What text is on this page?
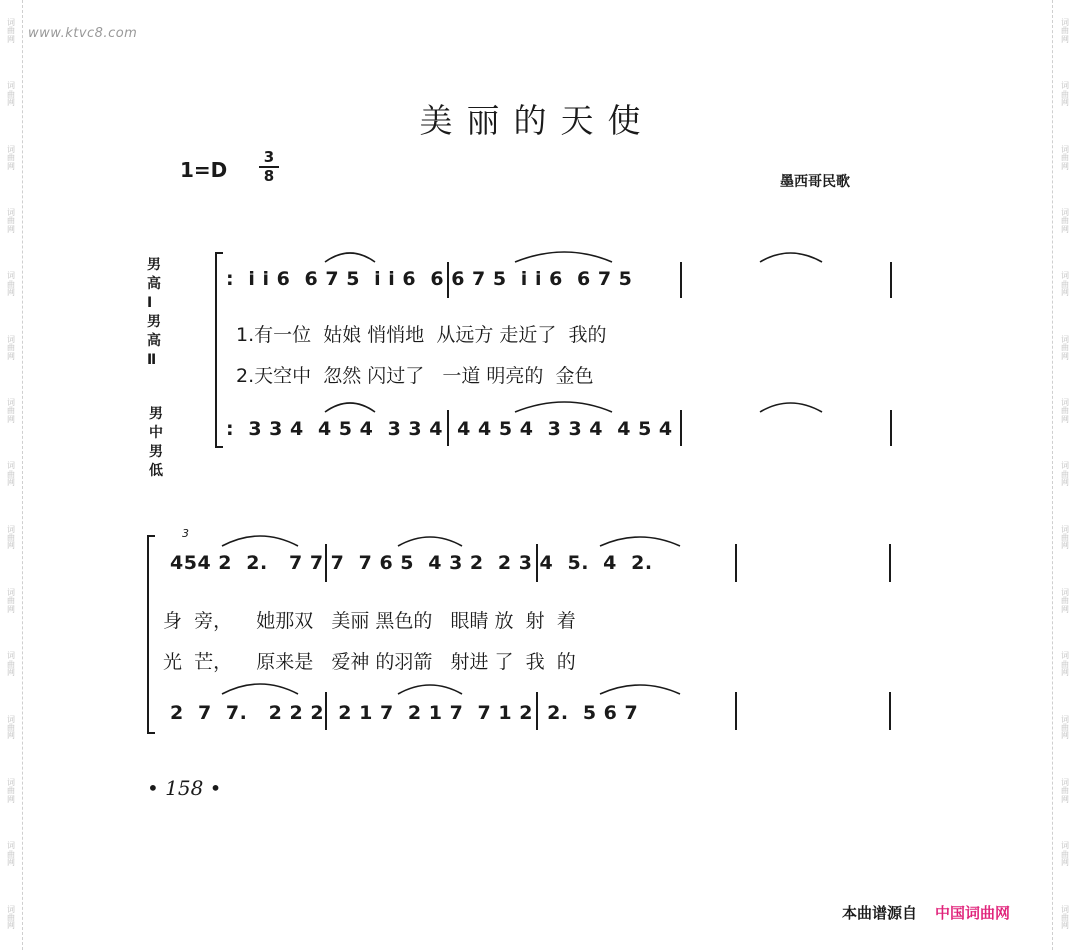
词
曲
网
词
曲
网
词
曲
网
词
曲
网
词
曲
网
词
曲
网
词
曲
网
词
曲
网
词
曲
网
词
曲
网
词
曲
网
词
曲
网
词
曲
网
词
曲
网
词
曲
网
词
曲
网
词
曲
网
词
曲
网
词
曲
网
词
曲
网
词
曲
网
词
曲
网
词
曲
网
词
曲
网
词
曲
网
词
曲
网
词
曲
网
词
曲
网
词
曲
网
词
曲
网
www.ktvc8.com
美丽的天使
1=D
3
8	墨西哥民歌
男高Ⅰ
男高Ⅱ
:  i i 6  6 7 5  i i 6  6 6 7 5  i i 6  6 7 5
1.有一位  姑娘 悄悄地  从远方 走近了  我的
2.天空中  忽然 闪过了   一道 明亮的  金色
男中
男低
:  3 3 4  4 5 4  3 3 4  4 4 5 4  3 3 4  4 5 4
3
454 2  2.   7 7 7  7 6 5  4 3 2  2 3 4  5.  4  2.
身  旁，    她那双   美丽 黑色的   眼睛 放  射  着
光  芒，    原来是   爱神 的羽箭   射进 了  我  的
2  7  7.   2 2 2  2 1 7  2 1 7  7 1 2  2.  5 6 7
• 158 •
本曲谱源自 中国词曲网
